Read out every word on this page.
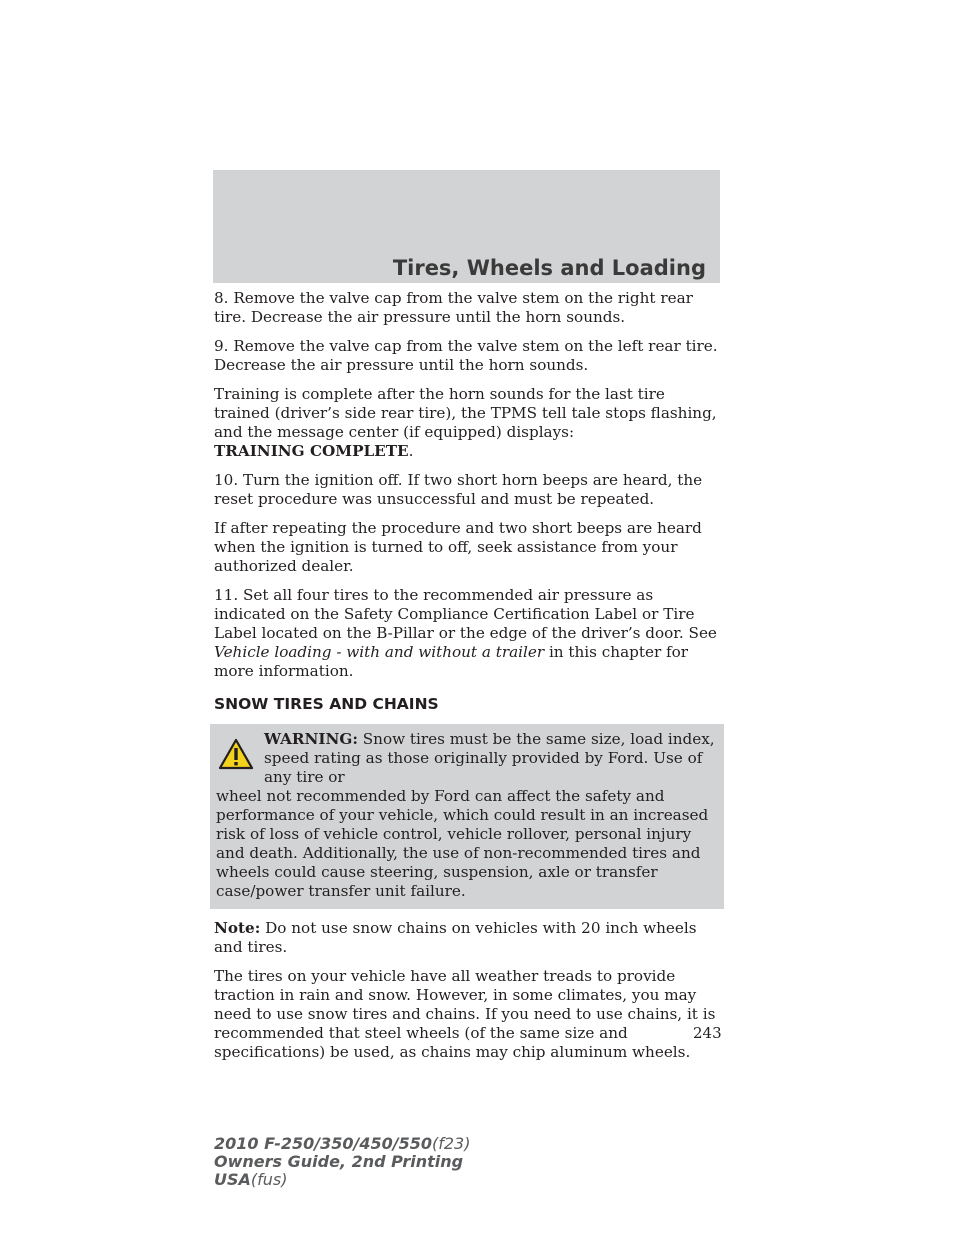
Tires, Wheels and Loading

8. Remove the valve cap from the valve stem on the right rear tire. Decrease the air pressure until the horn sounds.

9. Remove the valve cap from the valve stem on the left rear tire. Decrease the air pressure until the horn sounds.

Training is complete after the horn sounds for the last tire trained (driver’s side rear tire), the TPMS tell tale stops flashing, and the message center (if equipped) displays:
TRAINING COMPLETE.

10. Turn the ignition off. If two short horn beeps are heard, the reset procedure was unsuccessful and must be repeated.

If after repeating the procedure and two short beeps are heard when the ignition is turned to off, seek assistance from your authorized dealer.

11. Set all four tires to the recommended air pressure as indicated on the Safety Compliance Certification Label or Tire Label located on the B-Pillar or the edge of the driver’s door. See Vehicle loading - with and without a trailer in this chapter for more information.

SNOW TIRES AND CHAINS
WARNING: Snow tires must be the same size, load index, speed rating as those originally provided by Ford. Use of any tire or
wheel not recommended by Ford can affect the safety and performance of your vehicle, which could result in an increased risk of loss of vehicle control, vehicle rollover, personal injury and death. Additionally, the use of non-recommended tires and wheels could cause steering, suspension, axle or transfer case/power transfer unit failure.

Note: Do not use snow chains on vehicles with 20 inch wheels and tires.

The tires on your vehicle have all weather treads to provide traction in rain and snow. However, in some climates, you may need to use snow tires and chains. If you need to use chains, it is recommended that steel wheels (of the same size and specifications) be used, as chains may chip aluminum wheels.

243
2010 F-250/350/450/550(f23)
Owners Guide, 2nd Printing
USA(fus)
